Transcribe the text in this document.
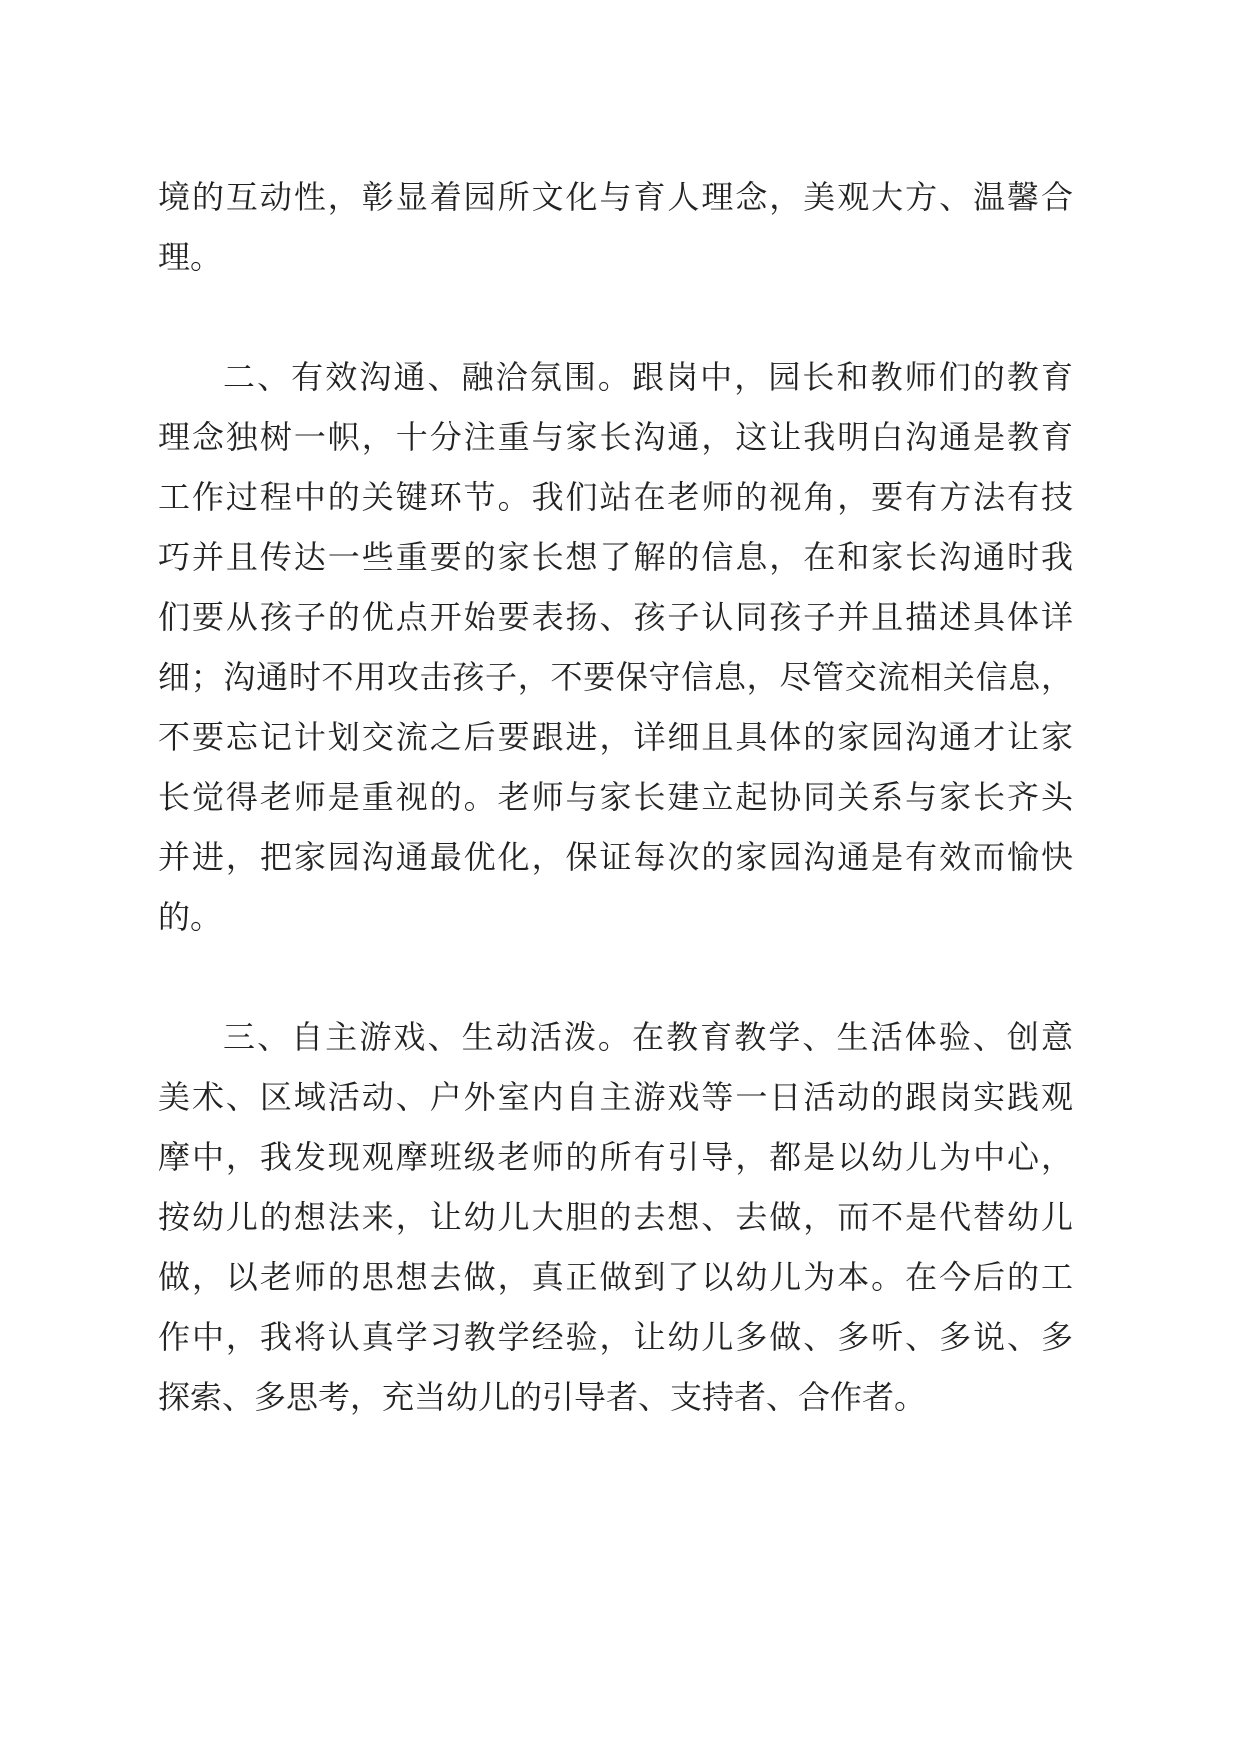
境的互动性，彰显着园所文化与育人理念，美观大方、温馨合
理。
二、有效沟通、融洽氛围。跟岗中，园长和教师们的教育
理念独树一帜，十分注重与家长沟通，这让我明白沟通是教育
工作过程中的关键环节。我们站在老师的视角，要有方法有技
巧并且传达一些重要的家长想了解的信息，在和家长沟通时我
们要从孩子的优点开始要表扬、孩子认同孩子并且描述具体详
细；沟通时不用攻击孩子，不要保守信息，尽管交流相关信息，
不要忘记计划交流之后要跟进，详细且具体的家园沟通才让家
长觉得老师是重视的。老师与家长建立起协同关系与家长齐头
并进，把家园沟通最优化，保证每次的家园沟通是有效而愉快
的。
三、自主游戏、生动活泼。在教育教学、生活体验、创意
美术、区域活动、户外室内自主游戏等一日活动的跟岗实践观
摩中，我发现观摩班级老师的所有引导，都是以幼儿为中心，
按幼儿的想法来，让幼儿大胆的去想、去做，而不是代替幼儿
做，以老师的思想去做，真正做到了以幼儿为本。在今后的工
作中，我将认真学习教学经验，让幼儿多做、多听、多说、多
探索、多思考，充当幼儿的引导者、支持者、合作者。
